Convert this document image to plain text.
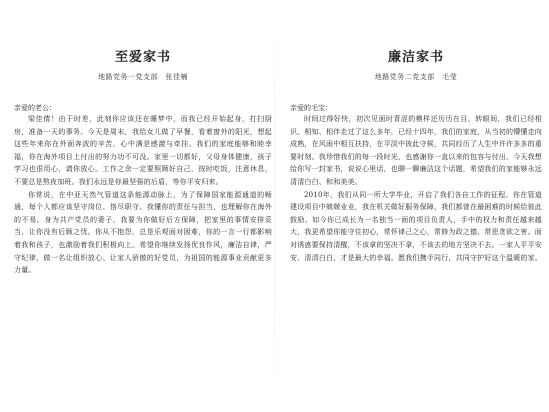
至爱家书
地路党务一党支部　张佳楠
亲爱的老公：

梁佳倩！由于时差，此刻你应该还在睡梦中，而我已经开始起身，打扫厨房，准备一天的事务。今天是周末，我给女儿做了早餐，看着窗外的阳光，想起这些年来你在外面奔波的辛苦，心中满是感激与牵挂。我们的家庭能够和睦幸福，你在海外项目上付出的努力功不可没。家里一切都好，父母身体健康，孩子学习也很用心，请你放心。工作之余一定要照顾好自己，按时吃饭，注意休息，不要总是熬夜加班。我们永远是你最坚强的后盾，等你平安归来。

你常说，在中亚天然气管道这条能源动脉上，为了保障国家能源通道的畅通，每个人都应该坚守岗位、恪尽职守。我懂你的责任与担当，也理解你在海外的不易。身为共产党员的妻子，我要为你做好后方保障，把家里的事情安排妥当，让你没有后顾之忧。你从不抱怨，总是乐观面对困难，你的一言一行都影响着我和孩子，也激励着我们积极向上。希望你继续发扬优良作风，廉洁自律，严守纪律，做一名让组织放心、让家人骄傲的好党员，为祖国的能源事业贡献更多力量。

廉洁家书
地路党务二党支部　毛莹
亲爱的毛宝：

时间过得好快，初次见面时青涩的模样还历历在目，转眼间，我们已经相识、相知、相伴走过了这么多年，已经十四年，我们的家庭，从当初的懵懂走向成熟，在风雨中相互扶持，在平淡中彼此守候，共同经历了人生中许许多多的重要时刻。我珍惜我们的每一段时光，也感谢你一直以来的包容与付出。今天我想给你写一封家书，说说心里话，也聊一聊廉洁这个话题，希望我们的家能够永远清清白白、和和美美。

2010年，我们从同一所大学毕业，开启了我们各自工作的征程。你在管道建设项目中兢兢业业，我在机关做好服务保障，我们都曾在最困难的时候给彼此鼓励。如今你已成长为一名独当一面的项目负责人，手中的权力和责任越来越大，我更希望你能守住初心，常怀律己之心，常修为政之德，常思贪欲之害。面对诱惑要保持清醒，不该拿的坚决不拿，不该去的地方坚决不去。一家人平平安安、清清白白，才是最大的幸福。愿我们携手同行，共同守护好这个温暖的家。
